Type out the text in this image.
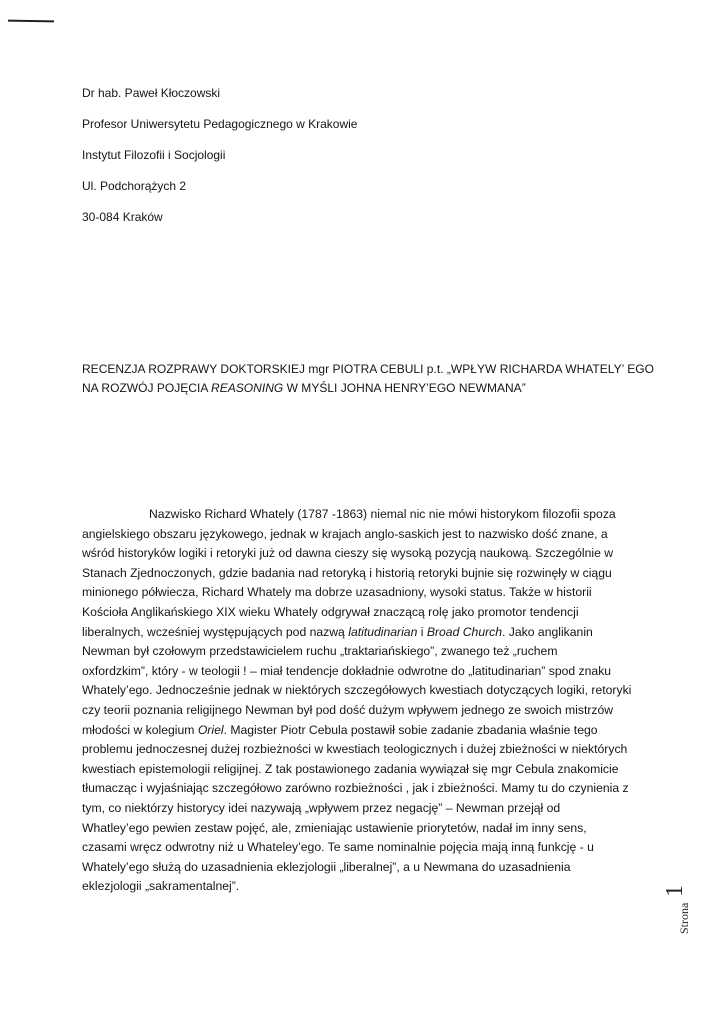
Dr hab. Paweł Kłoczowski
Profesor Uniwersytetu Pedagogicznego w Krakowie
Instytut Filozofii i Socjologii
Ul. Podchorążych 2
30-084 Kraków
RECENZJA ROZPRAWY DOKTORSKIEJ mgr PIOTRA CEBULI p.t. „WPŁYW RICHARDA WHATELY’ EGO
NA ROZWÓJ POJĘCIA REASONING W MYŚLI JOHNA HENRY’EGO NEWMANA”
Nazwisko Richard Whately (1787 -1863) niemal nic nie mówi historykom filozofii spoza
angielskiego obszaru językowego, jednak w krajach anglo-saskich jest to nazwisko dość znane, a
wśród historyków logiki i retoryki już od dawna cieszy się wysoką pozycją naukową. Szczególnie w
Stanach Zjednoczonych, gdzie badania nad retoryką i historią retoryki bujnie się rozwinęły w ciągu
minionego półwiecza, Richard Whately ma dobrze uzasadniony, wysoki status. Także w historii
Kościoła Anglikańskiego XIX wieku Whately odgrywał znaczącą rolę jako promotor tendencji
liberalnych, wcześniej występujących pod nazwą latitudinarian i Broad Church. Jako anglikanin
Newman był czołowym przedstawicielem ruchu „traktariańskiego”, zwanego też „ruchem
oxfordzkim”, który - w teologii ! – miał tendencje dokładnie odwrotne do „latitudinarian” spod znaku
Whately’ego. Jednocześnie jednak w niektórych szczegółowych kwestiach dotyczących logiki, retoryki
czy teorii poznania religijnego Newman był pod dość dużym wpływem jednego ze swoich mistrzów
młodości w kolegium Oriel. Magister Piotr Cebula postawił sobie zadanie zbadania właśnie tego
problemu jednoczesnej dużej rozbieżności w kwestiach teologicznych i dużej zbieżności w niektórych
kwestiach epistemologii religijnej. Z tak postawionego zadania wywiązał się mgr Cebula znakomicie
tłumacząc i wyjaśniając szczegółowo zarówno rozbieżności , jak i zbieżności. Mamy tu do czynienia z
tym, co niektórzy historycy idei nazywają „wpływem przez negację” – Newman przejął od
Whatley’ego pewien zestaw pojęć, ale, zmieniając ustawienie priorytetów, nadał im inny sens,
czasami wręcz odwrotny niż u Whateley’ego. Te same nominalnie pojęcia mają inną funkcję - u
Whately’ego służą do uzasadnienia eklezjologii „liberalnej”, a u Newmana do uzasadnienia
eklezjologii „sakramentalnej”.
Strona
1
